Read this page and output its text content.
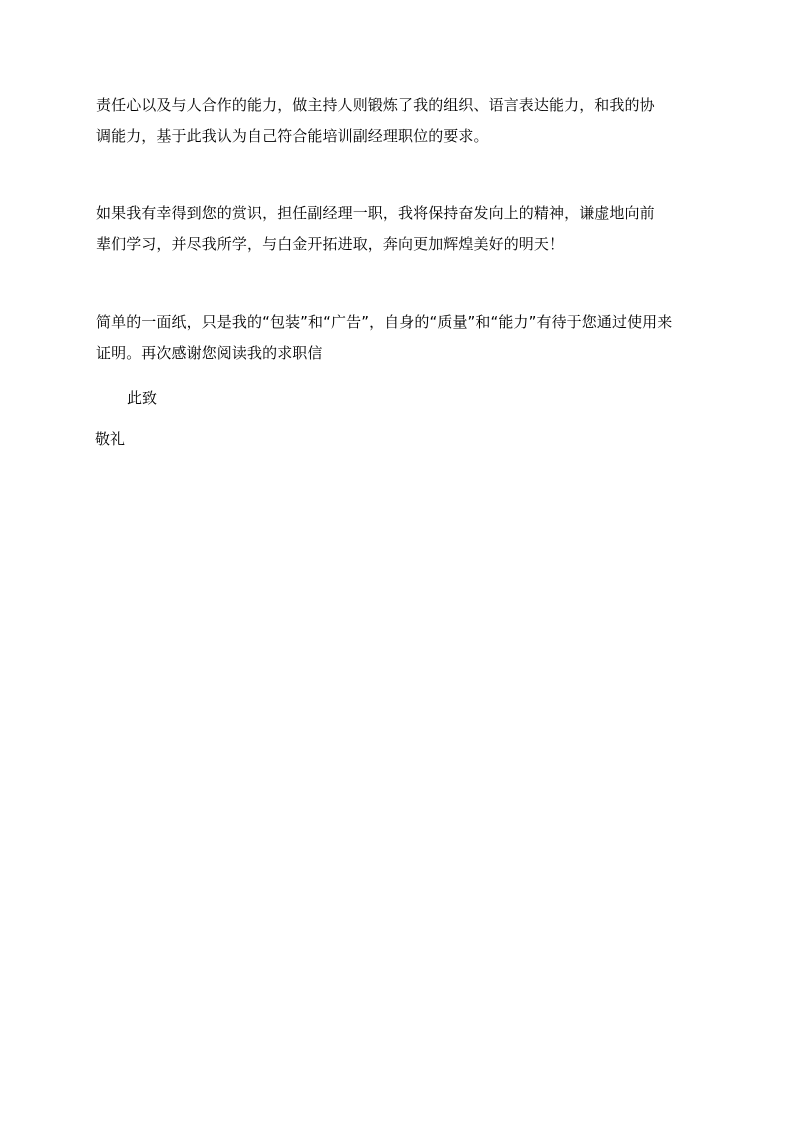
责任心以及与人合作的能力，做主持人则锻炼了我的组织、语言表达能力，和我的协
调能力，基于此我认为自己符合能培训副经理职位的要求。
如果我有幸得到您的赏识，担任副经理一职，我将保持奋发向上的精神，谦虚地向前
辈们学习，并尽我所学，与白金开拓进取，奔向更加辉煌美好的明天！
简单的一面纸，只是我的“包装”和“广告”，自身的“质量”和“能力”有待于您通过使用来
证明。再次感谢您阅读我的求职信
此致
敬礼
